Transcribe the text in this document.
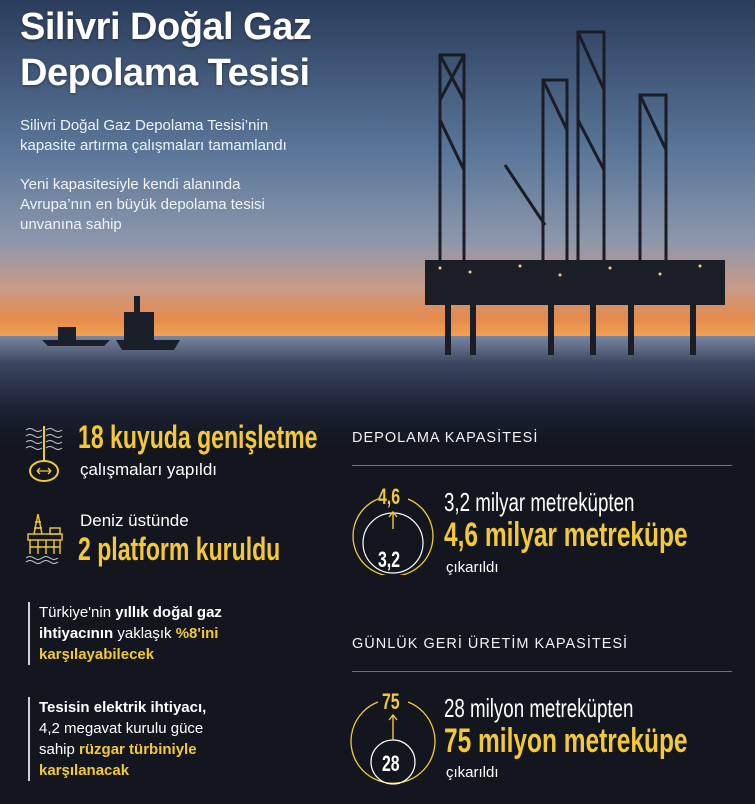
Silivri Doğal Gaz
Depolama Tesisi
Silivri Doğal Gaz Depolama Tesisi’nin
kapasite artırma çalışmaları tamamlandı
Yeni kapasitesiyle kendi alanında
Avrupa’nın en büyük depolama tesisi
unvanına sahip
18 kuyuda genişletme
çalışmaları yapıldı
Deniz üstünde
2 platform kuruldu
Türkiye'nin yıllık doğal gaz
ihtiyacının yaklaşık %8'ini
karşılayabilecek
Tesisin elektrik ihtiyacı,
4,2 megavat kurulu güce
sahip rüzgar türbiniyle
karşılanacak
DEPOLAMA KAPASİTESİ
4,6
3,2
3,2 milyar metreküpten
4,6 milyar metreküpe
çıkarıldı
GÜNLÜK GERİ ÜRETİM KAPASİTESİ
75
28
28 milyon metreküpten
75 milyon metreküpe
çıkarıldı
